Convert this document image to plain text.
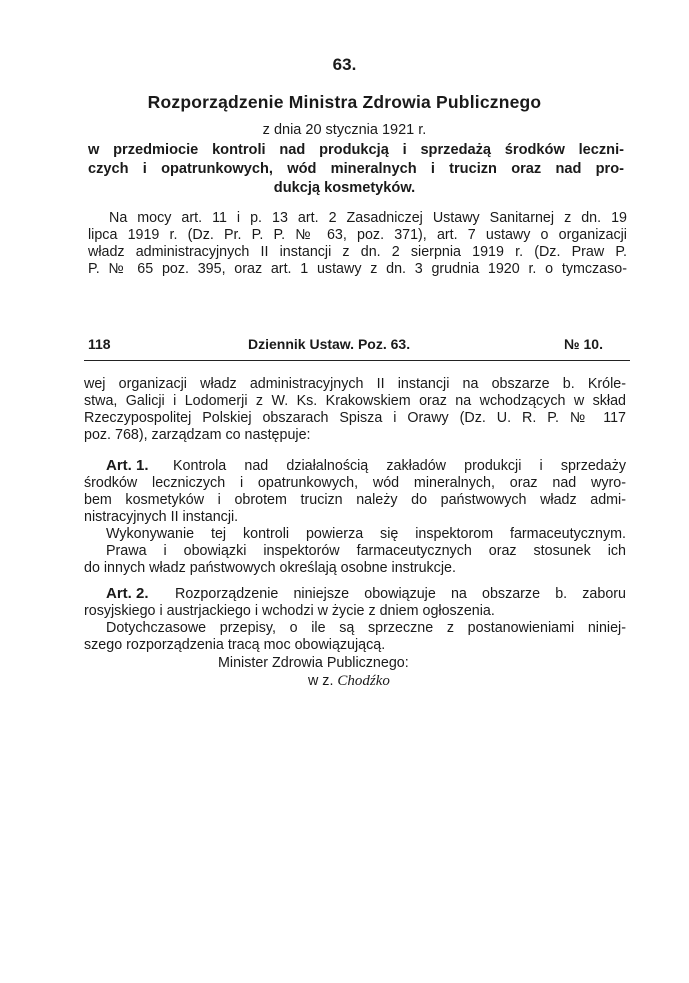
63.
Rozporządzenie Ministra Zdrowia Publicznego
z dnia 20 stycznia 1921 r.
w przedmiocie kontroli nad produkcją i sprzedażą środków leczni-
czych i opatrunkowych, wód mineralnych i trucizn oraz nad pro-
dukcją kosmetyków.
Na mocy art. 11 i p. 13 art. 2 Zasadniczej Ustawy Sanitarnej z dn. 19
lipca 1919 r. (Dz. Pr. P. P. № 63, poz. 371), art. 7 ustawy o organizacji
władz administracyjnych II instancji z dn. 2 sierpnia 1919 r. (Dz. Praw P.
P. № 65 poz. 395, oraz art. 1 ustawy z dn. 3 grudnia 1920 r. o tymczaso-
118	Dziennik Ustaw. Poz. 63.	№ 10.
wej organizacji władz administracyjnych II instancji na obszarze b. Króle-
stwa, Galicji i Lodomerji z W. Ks. Krakowskiem oraz na wchodzących w skład
Rzeczypospolitej Polskiej obszarach Spisza i Orawy (Dz. U. R. P. № 117
poz. 768), zarządzam co następuje:
Art. 1. Kontrola nad działalnością zakładów produkcji i sprzedaży
środków leczniczych i opatrunkowych, wód mineralnych, oraz nad wyro-
bem kosmetyków i obrotem trucizn należy do państwowych władz admi-
nistracyjnych II instancji.
Wykonywanie tej kontroli powierza się inspektorom farmaceutycznym.
Prawa i obowiązki inspektorów farmaceutycznych oraz stosunek ich
do innych władz państwowych określają osobne instrukcje.
Art. 2. Rozporządzenie niniejsze obowiązuje na obszarze b. zaboru
rosyjskiego i austrjackiego i wchodzi w życie z dniem ogłoszenia.
Dotychczasowe przepisy, o ile są sprzeczne z postanowieniami niniej-
szego rozporządzenia tracą moc obowiązującą.
Minister Zdrowia Publicznego:
w z. Chodźko
